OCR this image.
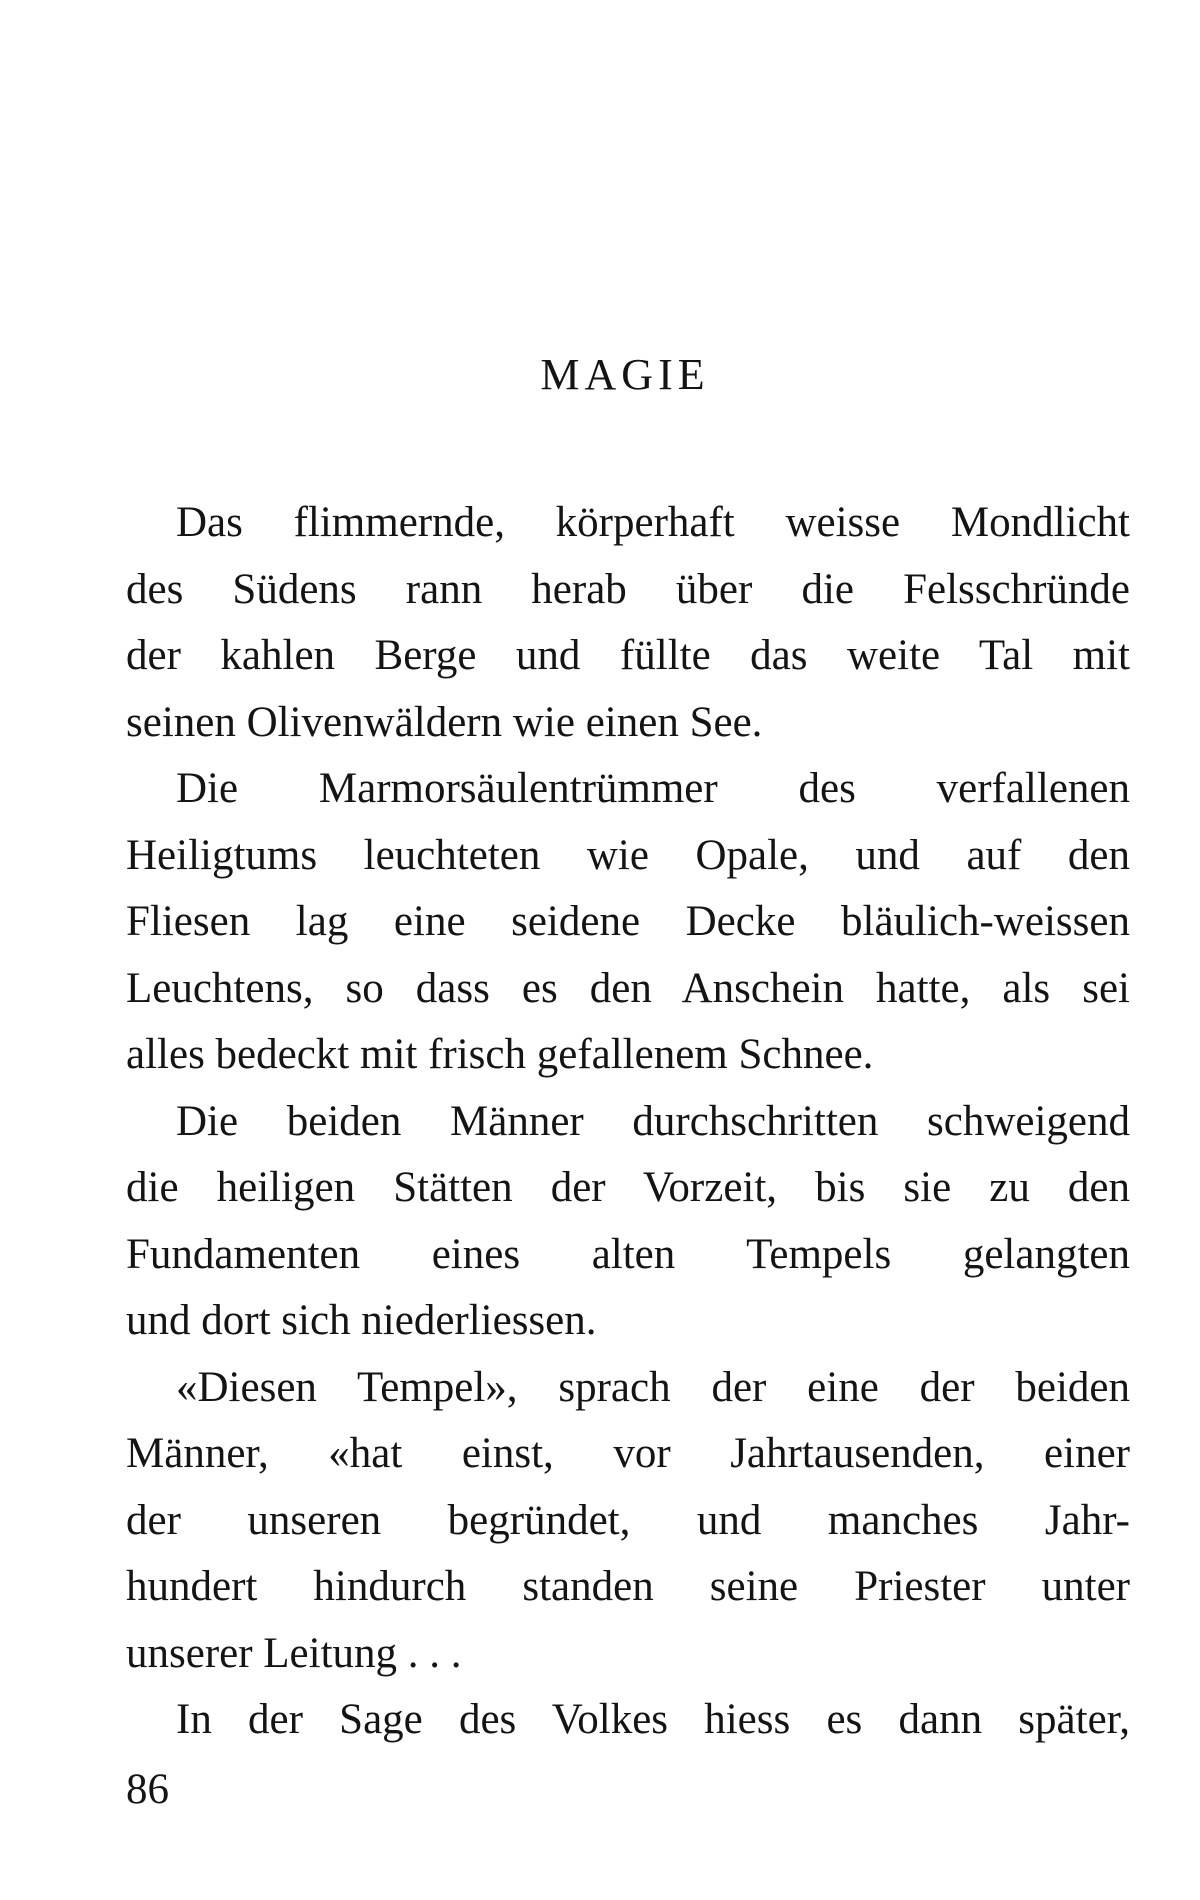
MAGIE
Das flimmernde, körperhaft weisse Mondlicht
des Südens rann herab über die Felsschründe
der kahlen Berge und füllte das weite Tal mit
seinen Olivenwäldern wie einen See.
Die Marmorsäulentrümmer des verfallenen
Heiligtums leuchteten wie Opale, und auf den
Fliesen lag eine seidene Decke bläulich-weissen
Leuchtens, so dass es den Anschein hatte, als sei
alles bedeckt mit frisch gefallenem Schnee.
Die beiden Männer durchschritten schweigend
die heiligen Stätten der Vorzeit, bis sie zu den
Fundamenten eines alten Tempels gelangten
und dort sich niederliessen.
«Diesen Tempel», sprach der eine der beiden
Männer, «hat einst, vor Jahrtausenden, einer
der unseren begründet, und manches Jahr-
hundert hindurch standen seine Priester unter
unserer Leitung . . .
In der Sage des Volkes hiess es dann später,
86
